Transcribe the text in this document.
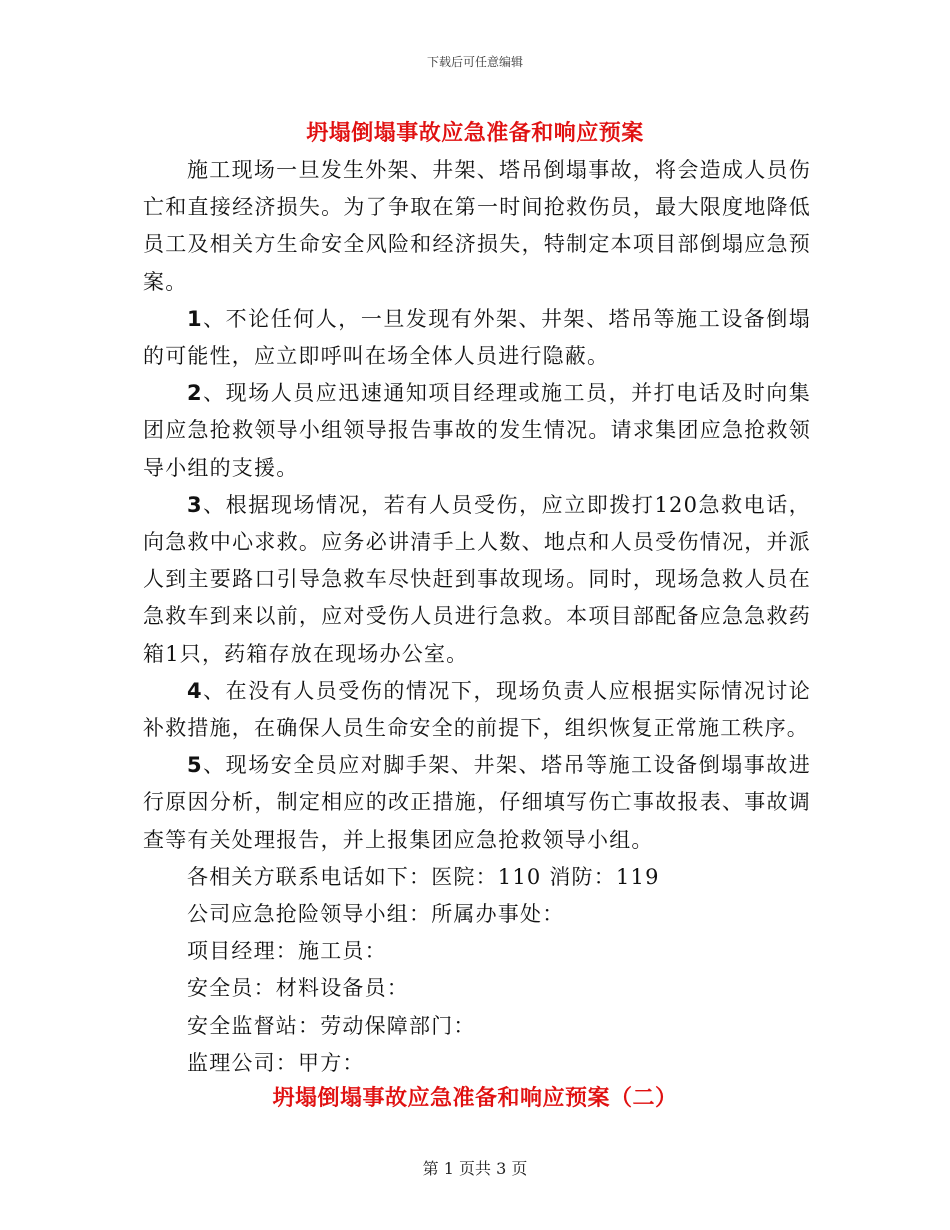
下载后可任意编辑
坍塌倒塌事故应急准备和响应预案

施工现场一旦发生外架、井架、塔吊倒塌事故，将会造成人员伤亡和直接经济损失。为了争取在第一时间抢救伤员，最大限度地降低员工及相关方生命安全风险和经济损失，特制定本项目部倒塌应急预案。

1、不论任何人，一旦发现有外架、井架、塔吊等施工设备倒塌的可能性，应立即呼叫在场全体人员进行隐蔽。

2、现场人员应迅速通知项目经理或施工员，并打电话及时向集团应急抢救领导小组领导报告事故的发生情况。请求集团应急抢救领导小组的支援。

3、根据现场情况，若有人员受伤，应立即拨打120急救电话，向急救中心求救。应务必讲清手上人数、地点和人员受伤情况，并派人到主要路口引导急救车尽快赶到事故现场。同时，现场急救人员在急救车到来以前，应对受伤人员进行急救。本项目部配备应急急救药箱1只，药箱存放在现场办公室。

4、在没有人员受伤的情况下，现场负责人应根据实际情况讨论补救措施，在确保人员生命安全的前提下，组织恢复正常施工秩序。

5、现场安全员应对脚手架、井架、塔吊等施工设备倒塌事故进行原因分析，制定相应的改正措施，仔细填写伤亡事故报表、事故调查等有关处理报告，并上报集团应急抢救领导小组。

各相关方联系电话如下：医院：110 消防：119

公司应急抢险领导小组：所属办事处：

项目经理：施工员：

安全员：材料设备员：

安全监督站：劳动保障部门：

监理公司：甲方：

坍塌倒塌事故应急准备和响应预案（二）
第 1 页共 3 页
